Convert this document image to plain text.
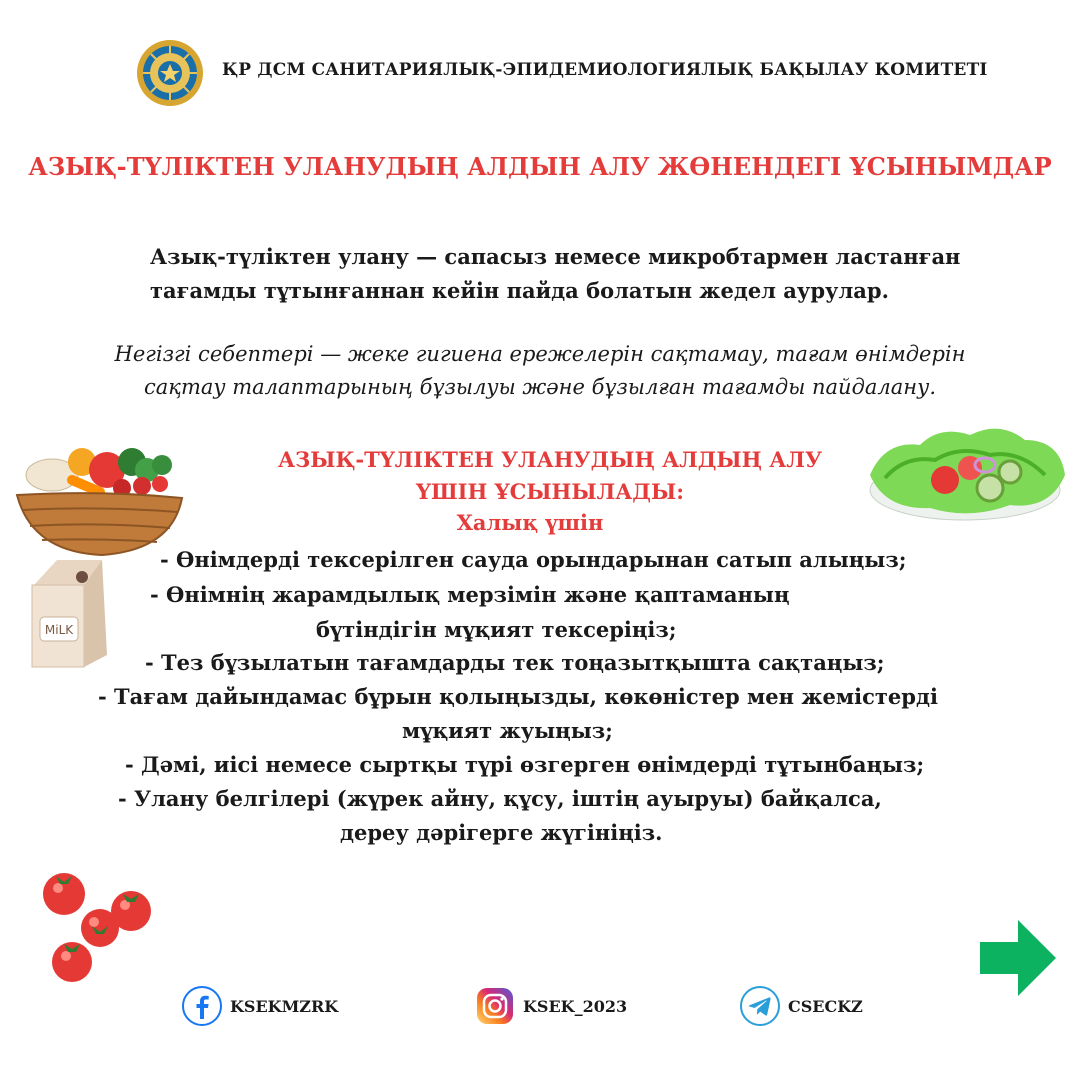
ҚР ДСМ САНИТАРИЯЛЫҚ-ЭПИДЕМИОЛОГИЯЛЫҚ БАҚЫЛАУ КОМИТЕТІ
АЗЫҚ-ТҮЛІКТЕН УЛАНУДЫҢ АЛДЫН АЛУ ЖӨНЕНДЕГІ ҰСЫНЫМДАР
Азық-түліктен улану — сапасыз немесе микробтармен ластанған
тағамды тұтынғаннан кейін пайда болатын жедел аурулар.
Негізгі себептері — жеке гигиена ережелерін сақтамау, тағам өнімдерін
сақтау талаптарының бұзылуы және бұзылған тағамды пайдалану.
MiLK
АЗЫҚ-ТҮЛІКТЕН УЛАНУДЫҢ АЛДЫҢ АЛУ
ҮШІН ҰСЫНЫЛАДЫ:
Халық үшін
- Өнімдерді тексерілген сауда орындарынан сатып алыңыз;
- Өнімнің жарамдылық мерзімін және қаптаманың
бүтіндігін мұқият тексеріңіз;
- Тез бұзылатын тағамдарды тек тоңазытқышта сақтаңыз;
- Тағам дайындамас бұрын қолыңызды, көкөністер мен жемістерді
мұқият жуыңыз;
- Дәмі, иісі немесе сыртқы түрі өзгерген өнімдерді тұтынбаңыз;
- Улану белгілері (жүрек айну, құсу, іштің ауыруы) байқалса,
дереу дәрігерге жүгініңіз.
KSEKMZRK	KSEK_2023	CSECKZ
